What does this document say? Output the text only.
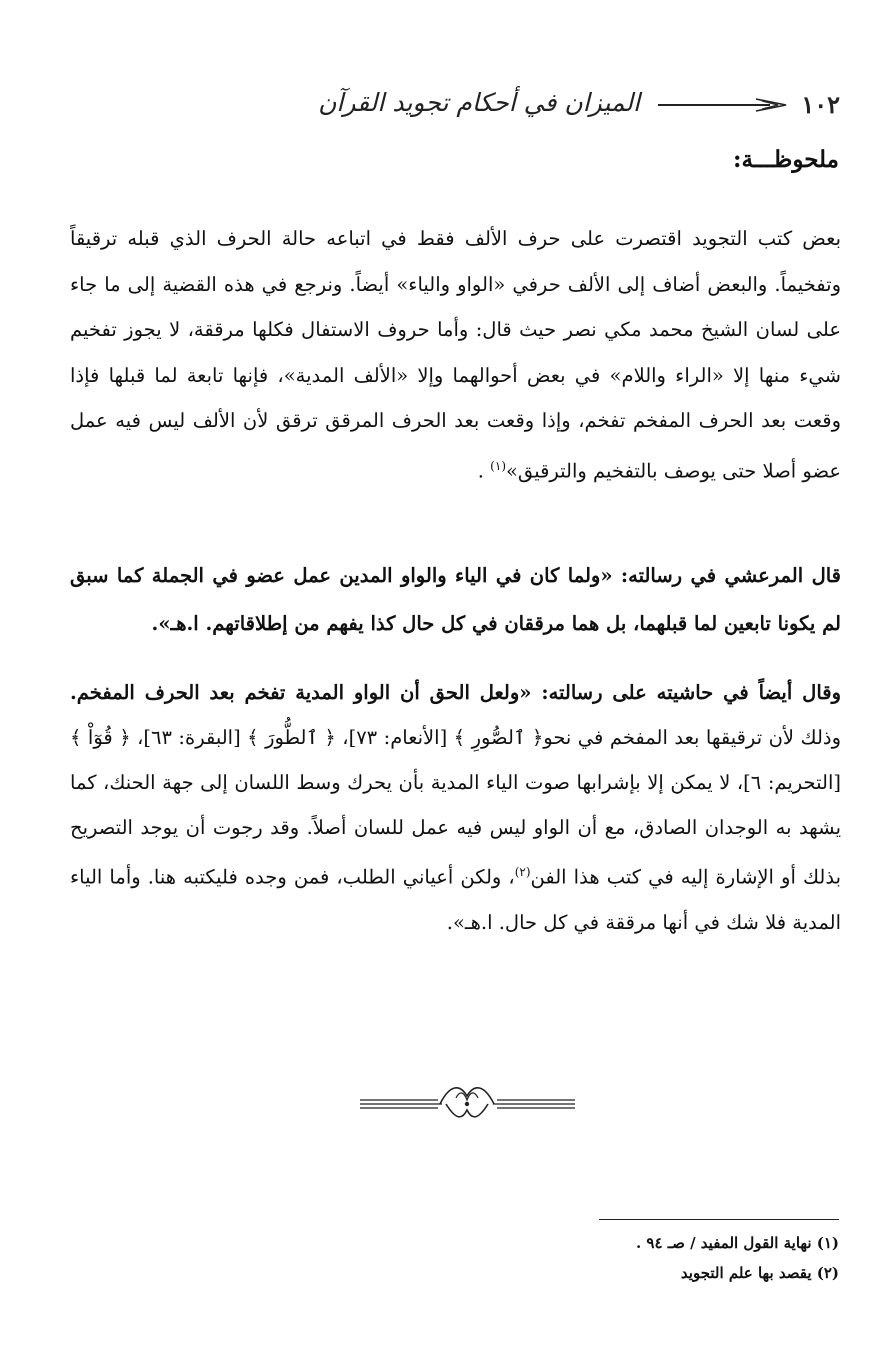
١٠٢
الميزان في أحكام تجويد القرآن
ملحوظـــة:

بعض كتب التجويد اقتصرت على حرف الألف فقط في اتباعه حالة الحرف الذي قبله ترقيقاً وتفخيماً. والبعض أضاف إلى الألف حرفي «الواو والياء» أيضاً. ونرجع في هذه القضية إلى ما جاء على لسان الشيخ محمد مكي نصر حيث قال: وأما حروف الاستفال فكلها مرققة، لا يجوز تفخيم شيء منها إلا «الراء واللام» في بعض أحوالهما وإلا «الألف المدية»، فإنها تابعة لما قبلها فإذا وقعت بعد الحرف المفخم تفخم، وإذا وقعت بعد الحرف المرقق ترقق لأن الألف ليس فيه عمل عضو أصلا حتى يوصف بالتفخيم والترقيق»$^{(١)}$ .

قال المرعشي في رسالته: «ولما كان في الياء والواو المدين عمل عضو في الجملة كما سبق لم يكونا تابعين لما قبلهما، بل هما مرققان في كل حال كذا يفهم من إطلاقاتهم. ا.هـ».

وقال أيضاً في حاشيته على رسالته: «ولعل الحق أن الواو المدية تفخم بعد الحرف المفخم. وذلك لأن ترقيقها بعد المفخم في نحو﴿ ٱلصُّورِ ﴾ [الأنعام: ٧٣]، ﴿ ٱلطُّورَ ﴾ [البقرة: ٦٣]، ﴿ قُوٓاْ ﴾ [التحريم: ٦]، لا يمكن إلا بإشرابها صوت الياء المدية بأن يحرك وسط اللسان إلى جهة الحنك، كما يشهد به الوجدان الصادق، مع أن الواو ليس فيه عمل للسان أصلاً. وقد رجوت أن يوجد التصريح بذلك أو الإشارة إليه في كتب هذا الفن$^{(٢)}$، ولكن أعياني الطلب، فمن وجده فليكتبه هنا. وأما الياء المدية فلا شك في أنها مرققة في كل حال. ا.هـ».

(١) نهاية القول المفيد / صـ ٩٤ .
(٢) يقصد بها علم التجويد
